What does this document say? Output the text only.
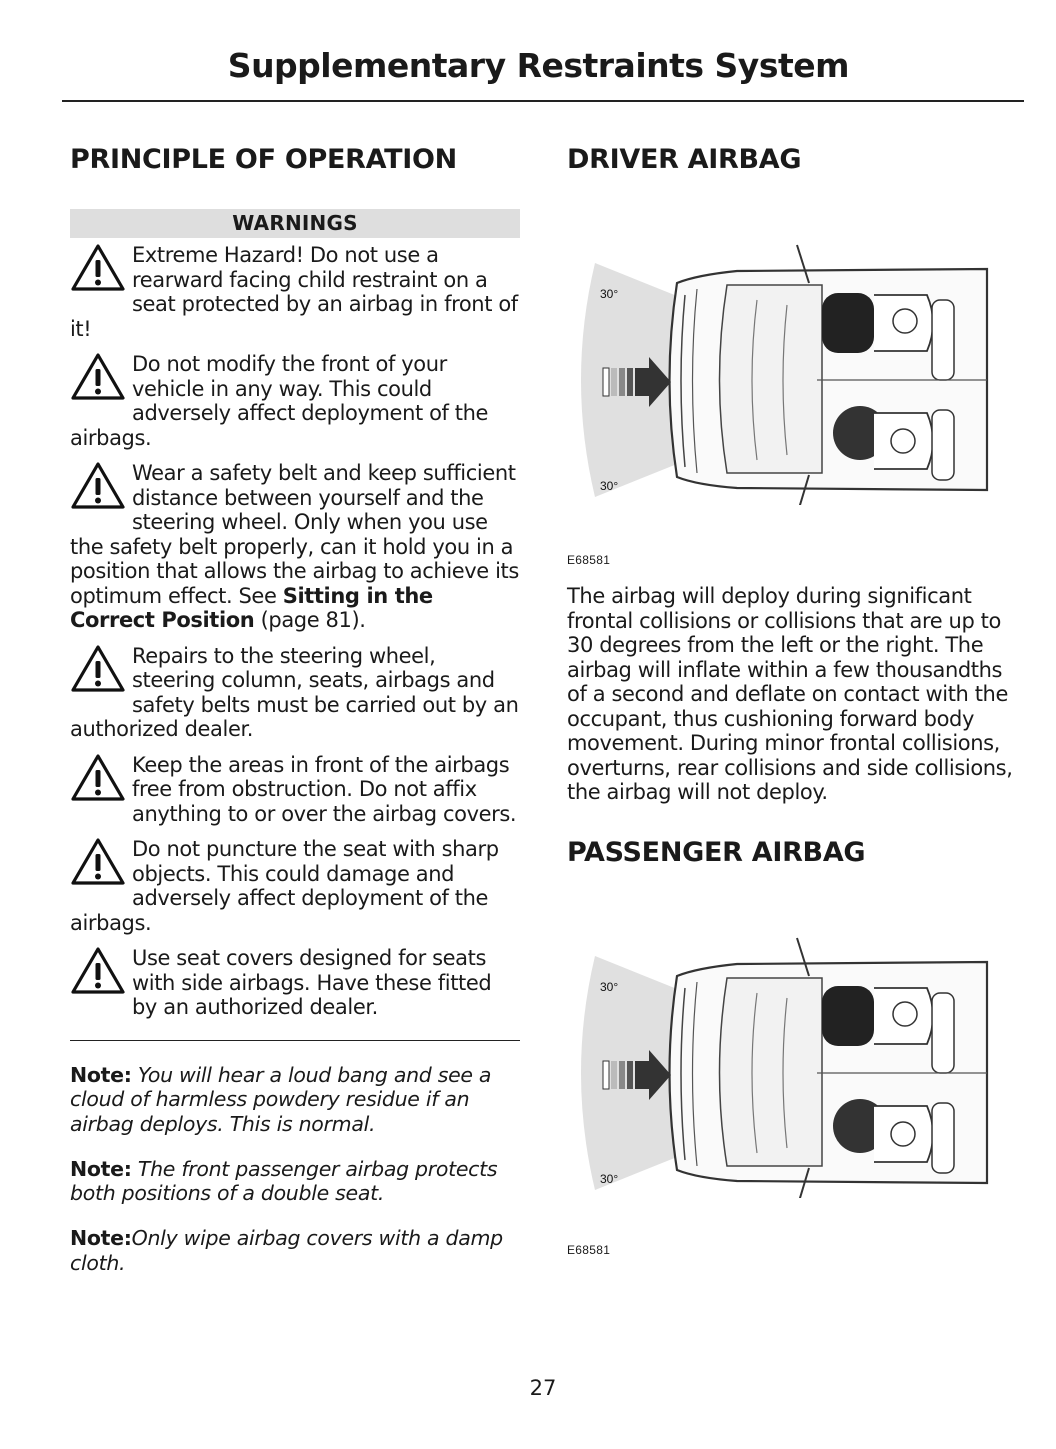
Supplementary Restraints System
PRINCIPLE OF OPERATION
WARNINGS
Extreme Hazard! Do not use a rearward facing child restraint on a seat protected by an airbag in front of it!
Do not modify the front of your vehicle in any way. This could adversely affect deployment of the airbags.
Wear a safety belt and keep sufficient distance between yourself and the steering wheel. Only when you use the safety belt properly, can it hold you in a position that allows the airbag to achieve its optimum effect. See Sitting in the Correct Position (page 81).
Repairs to the steering wheel, steering column, seats, airbags and safety belts must be carried out by an authorized dealer.
Keep the areas in front of the airbags free from obstruction. Do not affix anything to or over the airbag covers.
Do not puncture the seat with sharp objects. This could damage and adversely affect deployment of the airbags.
Use seat covers designed for seats with side airbags. Have these fitted by an authorized dealer.

Note: You will hear a loud bang and see a cloud of harmless powdery residue if an airbag deploys. This is normal.

Note: The front passenger airbag protects both positions of a double seat.

Note:Only wipe airbag covers with a damp cloth.

DRIVER AIRBAG
30°
30°
E68581

The airbag will deploy during significant frontal collisions or collisions that are up to 30 degrees from the left or the right. The airbag will inflate within a few thousandths of a second and deflate on contact with the occupant, thus cushioning forward body movement. During minor frontal collisions, overturns, rear collisions and side collisions, the airbag will not deploy.

PASSENGER AIRBAG
30°
30°
E68581
27
